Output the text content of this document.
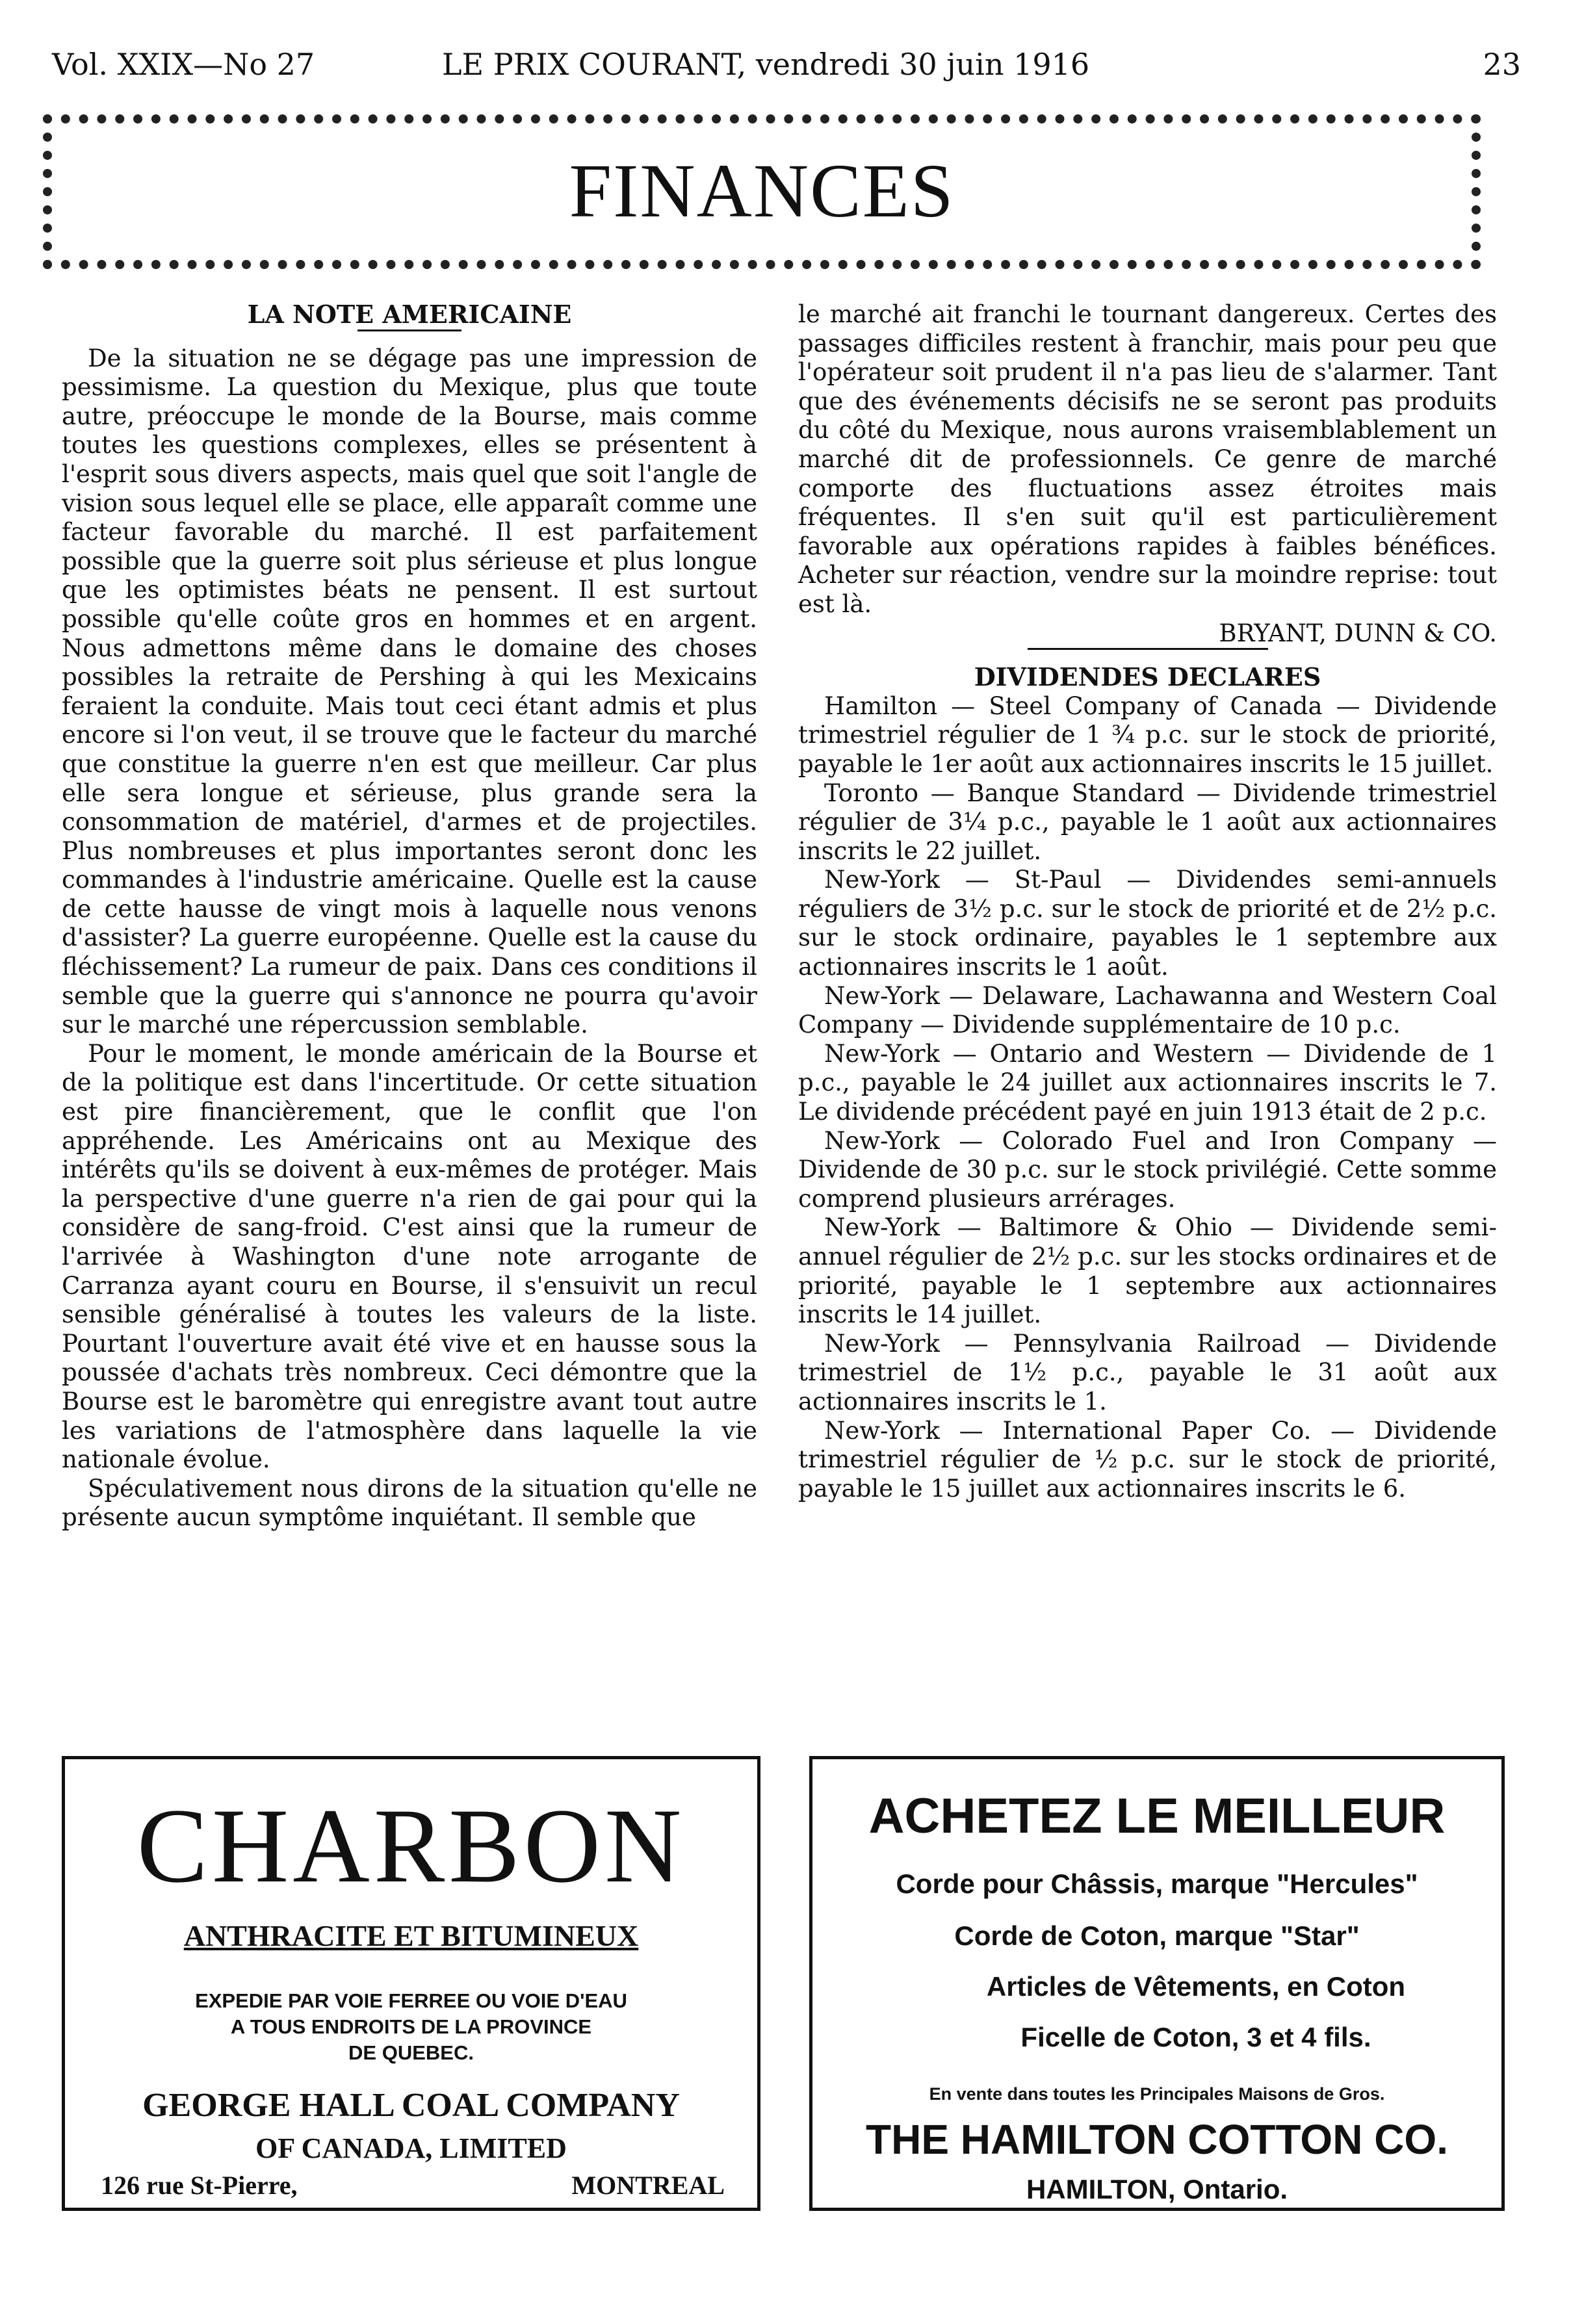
Vol. XXIX—No 27	LE PRIX COURANT, vendredi 30 juin 1916	23
FINANCES

LA NOTE AMERICAINE

De la situation ne se dégage pas une impression de pessimisme. La question du Mexique, plus que toute autre, préoccupe le monde de la Bourse, mais comme toutes les questions complexes, elles se présentent à l'esprit sous divers aspects, mais quel que soit l'angle de vision sous lequel elle se place, elle apparaît comme une facteur favorable du marché. Il est parfaitement possible que la guerre soit plus sérieuse et plus longue que les optimistes béats ne pensent. Il est surtout possible qu'elle coûte gros en hommes et en argent. Nous admettons même dans le domaine des choses possibles la retraite de Pershing à qui les Mexicains feraient la conduite. Mais tout ceci étant admis et plus encore si l'on veut, il se trouve que le facteur du marché que constitue la guerre n'en est que meilleur. Car plus elle sera longue et sérieuse, plus grande sera la consommation de matériel, d'armes et de projectiles. Plus nombreuses et plus importantes seront donc les commandes à l'industrie américaine. Quelle est la cause de cette hausse de vingt mois à laquelle nous venons d'assister? La guerre européenne. Quelle est la cause du fléchissement? La rumeur de paix. Dans ces conditions il semble que la guerre qui s'annonce ne pourra qu'avoir sur le marché une répercussion semblable.

Pour le moment, le monde américain de la Bourse et de la politique est dans l'incertitude. Or cette situation est pire financièrement, que le conflit que l'on appréhende. Les Américains ont au Mexique des intérêts qu'ils se doivent à eux-mêmes de protéger. Mais la perspective d'une guerre n'a rien de gai pour qui la considère de sang-froid. C'est ainsi que la rumeur de l'arrivée à Washington d'une note arrogante de Carranza ayant couru en Bourse, il s'ensuivit un recul sensible généralisé à toutes les valeurs de la liste. Pourtant l'ouverture avait été vive et en hausse sous la poussée d'achats très nombreux. Ceci démontre que la Bourse est le baromètre qui enregistre avant tout autre les variations de l'atmosphère dans laquelle la vie nationale évolue.

Spéculativement nous dirons de la situation qu'elle ne présente aucun symptôme inquiétant. Il semble que

le marché ait franchi le tournant dangereux. Certes des passages difficiles restent à franchir, mais pour peu que l'opérateur soit prudent il n'a pas lieu de s'alarmer. Tant que des événements décisifs ne se seront pas produits du côté du Mexique, nous aurons vraisemblablement un marché dit de professionnels. Ce genre de marché comporte des fluctuations assez étroites mais fréquentes. Il s'en suit qu'il est particulièrement favorable aux opérations rapides à faibles bénéfices. Acheter sur réaction, vendre sur la moindre reprise: tout est là.

BRYANT, DUNN & CO.

DIVIDENDES DECLARES

Hamilton — Steel Company of Canada — Dividende trimestriel régulier de 1 ¾ p.c. sur le stock de priorité, payable le 1er août aux actionnaires inscrits le 15 juillet.

Toronto — Banque Standard — Dividende trimestriel régulier de 3¼ p.c., payable le 1 août aux actionnaires inscrits le 22 juillet.

New-York — St-Paul — Dividendes semi-annuels réguliers de 3½ p.c. sur le stock de priorité et de 2½ p.c. sur le stock ordinaire, payables le 1 septembre aux actionnaires inscrits le 1 août.

New-York — Delaware, Lachawanna and Western Coal Company — Dividende supplémentaire de 10 p.c.

New-York — Ontario and Western — Dividende de 1 p.c., payable le 24 juillet aux actionnaires inscrits le 7. Le dividende précédent payé en juin 1913 était de 2 p.c.

New-York — Colorado Fuel and Iron Company — Dividende de 30 p.c. sur le stock privilégié. Cette somme comprend plusieurs arrérages.

New-York — Baltimore & Ohio — Dividende semi-annuel régulier de 2½ p.c. sur les stocks ordinaires et de priorité, payable le 1 septembre aux actionnaires inscrits le 14 juillet.

New-York — Pennsylvania Railroad — Dividende trimestriel de 1½ p.c., payable le 31 août aux actionnaires inscrits le 1.

New-York — International Paper Co. — Dividende trimestriel régulier de ½ p.c. sur le stock de priorité, payable le 15 juillet aux actionnaires inscrits le 6.

CHARBON
ANTHRACITE ET BITUMINEUX
EXPEDIE PAR VOIE FERREE OU VOIE D'EAU
A TOUS ENDROITS DE LA PROVINCE
DE QUEBEC.
GEORGE HALL COAL COMPANY
OF CANADA, LIMITED
126 rue St-Pierre,	MONTREAL
ACHETEZ LE MEILLEUR
Corde pour Châssis, marque "Hercules"
Corde de Coton, marque "Star"
Articles de Vêtements, en Coton
Ficelle de Coton, 3 et 4 fils.
En vente dans toutes les Principales Maisons de Gros.
THE HAMILTON COTTON CO.
HAMILTON, Ontario.
